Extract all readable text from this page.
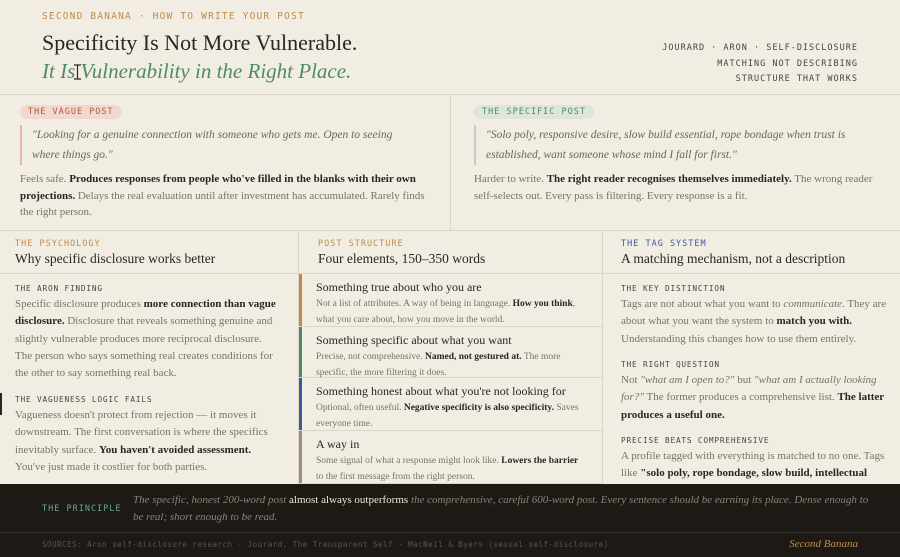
SECOND BANANA · HOW TO WRITE YOUR POST
Specificity Is Not More Vulnerable.
It Is Vulnerability in the Right Place.
JOURARD · ARON · SELF-DISCLOSURE
MATCHING NOT DESCRIBING
STRUCTURE THAT WORKS
THE VAGUE POST
"Looking for a genuine connection with someone who gets me. Open to seeing where things go."
Feels safe. Produces responses from people who've filled in the blanks with their own projections. Delays the real evaluation until after investment has accumulated. Rarely finds the right person.
THE SPECIFIC POST
"Solo poly, responsive desire, slow build essential, rope bondage when trust is established, want someone whose mind I fall for first."
Harder to write. The right reader recognises themselves immediately. The wrong reader self-selects out. Every pass is filtering. Every response is a fit.
THE PSYCHOLOGY
Why specific disclosure works better
THE ARON FINDING
Specific disclosure produces more connection than vague disclosure. Disclosure that reveals something genuine and slightly vulnerable produces more reciprocal disclosure. The person who says something real creates conditions for the other to say something real back.
THE VAGUENESS LOGIC FAILS
Vagueness doesn't protect from rejection — it moves it downstream. The first conversation is where the specifics inevitably surface. You haven't avoided assessment. You've just made it costlier for both parties.
POST STRUCTURE
Four elements, 150–350 words
Something true about who you are
Not a list of attributes. A way of being in language. How you think, what you care about, how you move in the world.
Something specific about what you want
Precise, not comprehensive. Named, not gestured at. The more specific, the more filtering it does.
Something honest about what you're not looking for
Optional, often useful. Negative specificity is also specificity. Saves everyone time.
A way in
Some signal of what a response might look like. Lowers the barrier to the first message from the right person.
THE TAG SYSTEM
A matching mechanism, not a description
THE KEY DISTINCTION
Tags are not about what you want to communicate. They are about what you want the system to match you with. Understanding this changes how to use them entirely.
THE RIGHT QUESTION
Not "what am I open to?" but "what am I actually looking for?" The former produces a comprehensive list. The latter produces a useful one.
PRECISE BEATS COMPREHENSIVE
A profile tagged with everything is matched to no one. Tags like "solo poly, rope bondage, slow build, intellectual
THE PRINCIPLE
The specific, honest 200-word post almost always outperforms the comprehensive, careful 600-word post. Every sentence should be earning its place. Dense enough to be real; short enough to be read.
SOURCES: Aron self-disclosure research · Jourard, The Transparent Self · MacNeil & Byers (sexual self-disclosure)	Second Banana
